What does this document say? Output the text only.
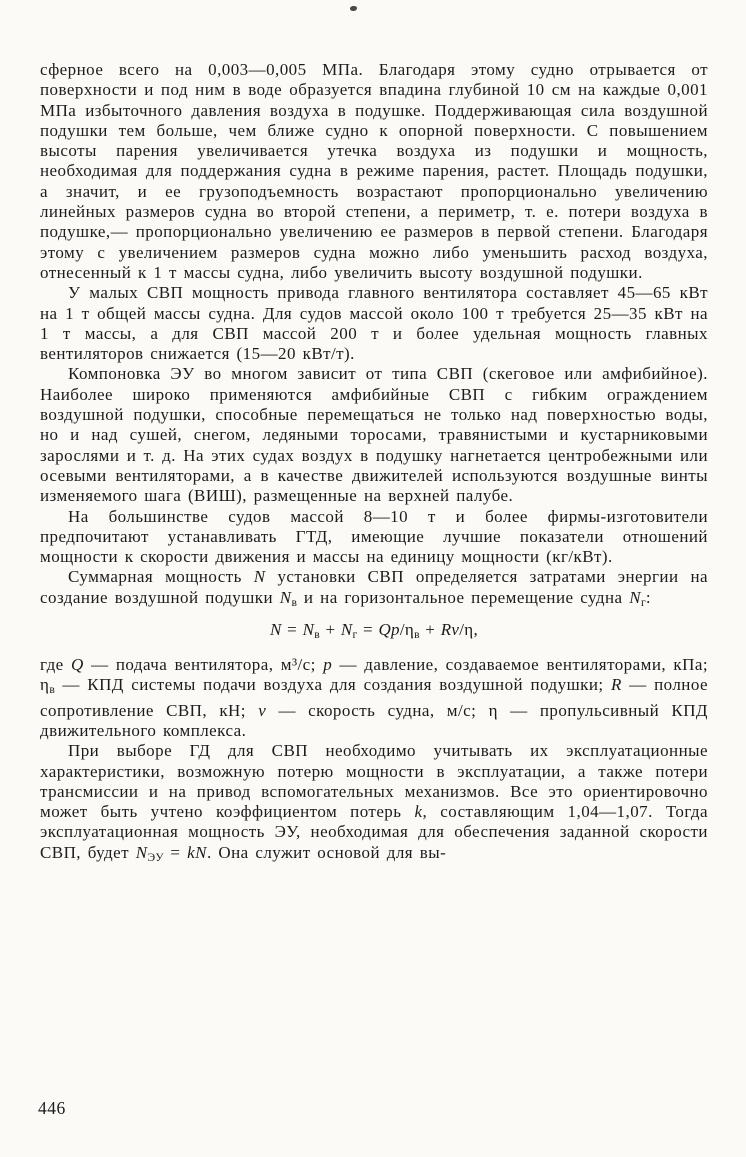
сферное всего на 0,003—0,005 МПа. Благодаря этому судно отрывается от поверхности и под ним в воде образуется впадина глубиной 10 см на каждые 0,001 МПа избыточного давления воздуха в подушке. Поддерживающая сила воздушной подушки тем больше, чем ближе судно к опорной поверхности. С повышением высоты парения увеличивается утечка воздуха из подушки и мощность, необходимая для поддержания судна в режиме парения, растет. Площадь подушки, а значит, и ее грузоподъемность возрастают пропорционально увеличению линейных размеров судна во второй степени, а периметр, т. е. потери воздуха в подушке,— пропорционально увеличению ее размеров в первой степени. Благодаря этому с увеличением размеров судна можно либо уменьшить расход воздуха, отнесенный к 1 т массы судна, либо увеличить высоту воздушной подушки.

У малых СВП мощность привода главного вентилятора составляет 45—65 кВт на 1 т общей массы судна. Для судов массой около 100 т требуется 25—35 кВт на 1 т массы, а для СВП массой 200 т и более удельная мощность главных вентиляторов снижается (15—20 кВт/т).

Компоновка ЭУ во многом зависит от типа СВП (скеговое или амфибийное). Наиболее широко применяются амфибийные СВП с гибким ограждением воздушной подушки, способные перемещаться не только над поверхностью воды, но и над сушей, снегом, ледяными торосами, травянистыми и кустарниковыми зарослями и т. д. На этих судах воздух в подушку нагнетается центробежными или осевыми вентиляторами, а в качестве движителей используются воздушные винты изменяемого шага (ВИШ), размещенные на верхней палубе.

На большинстве судов массой 8—10 т и более фирмы-изготовители предпочитают устанавливать ГТД, имеющие лучшие показатели отношений мощности к скорости движения и массы на единицу мощности (кг/кВт).

Суммарная мощность N установки СВП определяется затратами энергии на создание воздушной подушки $N_в$ и на горизонтальное перемещение судна $N_г$:

$N = N_в + N_г = Qp/\eta_в + Rv/\eta$,

где Q — подача вентилятора, м³/с; p — давление, создаваемое вентиляторами, кПа; $\eta_в$ — КПД системы подачи воздуха для создания воздушной подушки; R — полное сопротивление СВП, кН; v — скорость судна, м/с; η — пропульсивный КПД движительного комплекса.

При выборе ГД для СВП необходимо учитывать их эксплуатационные характеристики, возможную потерю мощности в эксплуатации, а также потери трансмиссии и на привод вспомогательных механизмов. Все это ориентировочно может быть учтено коэффициентом потерь k, составляющим 1,04—1,07. Тогда эксплуатационная мощность ЭУ, необходимая для обеспечения заданной скорости СВП, будет $N_{ЭУ}$ = kN. Она служит основой для вы-

446
